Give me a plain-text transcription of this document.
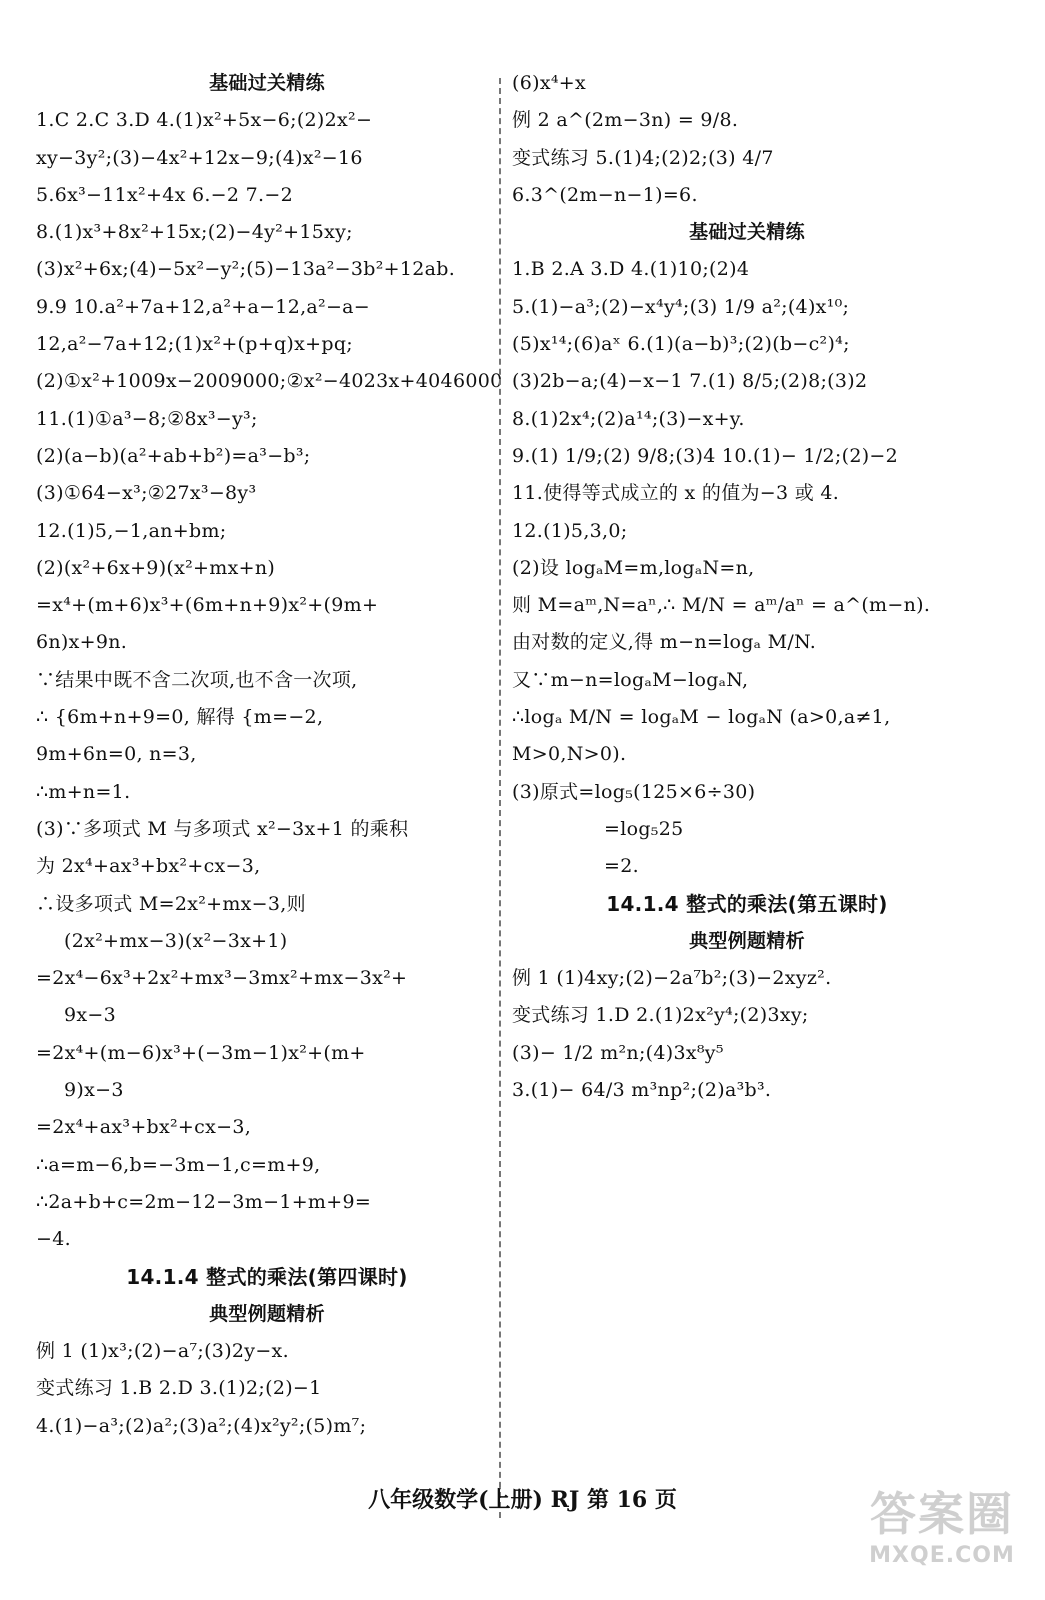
基础过关精练
1.C 2.C 3.D 4.(1)x²+5x−6;(2)2x²−
xy−3y²;(3)−4x²+12x−9;(4)x²−16
5.6x³−11x²+4x 6.−2 7.−2
8.(1)x³+8x²+15x;(2)−4y²+15xy;
(3)x²+6x;(4)−5x²−y²;(5)−13a²−3b²+12ab.
9.9 10.a²+7a+12,a²+a−12,a²−a−
12,a²−7a+12;(1)x²+(p+q)x+pq;
(2)①x²+1009x−2009000;②x²−4023x+4046000
11.(1)①a³−8;②8x³−y³;
(2)(a−b)(a²+ab+b²)=a³−b³;
(3)①64−x³;②27x³−8y³
12.(1)5,−1,an+bm;
(2)(x²+6x+9)(x²+mx+n)
=x⁴+(m+6)x³+(6m+n+9)x²+(9m+
6n)x+9n.
∵结果中既不含二次项,也不含一次项,
∴ {6m+n+9=0, 解得 {m=−2,
9m+6n=0, n=3,
∴m+n=1.
(3)∵多项式 M 与多项式 x²−3x+1 的乘积
为 2x⁴+ax³+bx²+cx−3,
∴设多项式 M=2x²+mx−3,则
(2x²+mx−3)(x²−3x+1)
=2x⁴−6x³+2x²+mx³−3mx²+mx−3x²+
9x−3
=2x⁴+(m−6)x³+(−3m−1)x²+(m+
9)x−3
=2x⁴+ax³+bx²+cx−3,
∴a=m−6,b=−3m−1,c=m+9,
∴2a+b+c=2m−12−3m−1+m+9=
−4.
14.1.4 整式的乘法(第四课时)
典型例题精析
例 1 (1)x³;(2)−a⁷;(3)2y−x.
变式练习 1.B 2.D 3.(1)2;(2)−1
4.(1)−a³;(2)a²;(3)a²;(4)x²y²;(5)m⁷;
(6)x⁴+x
例 2 a^(2m−3n) = 9/8.
变式练习 5.(1)4;(2)2;(3) 4/7
6.3^(2m−n−1)=6.
基础过关精练
1.B 2.A 3.D 4.(1)10;(2)4
5.(1)−a³;(2)−x⁴y⁴;(3) 1/9 a²;(4)x¹⁰;
(5)x¹⁴;(6)aˣ 6.(1)(a−b)³;(2)(b−c²)⁴;
(3)2b−a;(4)−x−1 7.(1) 8/5;(2)8;(3)2
8.(1)2x⁴;(2)a¹⁴;(3)−x+y.
9.(1) 1/9;(2) 9/8;(3)4 10.(1)− 1/2;(2)−2
11.使得等式成立的 x 的值为−3 或 4.
12.(1)5,3,0;
(2)设 logₐM=m,logₐN=n,
则 M=aᵐ,N=aⁿ,∴ M/N = aᵐ/aⁿ = a^(m−n).
由对数的定义,得 m−n=logₐ M/N.
又∵m−n=logₐM−logₐN,
∴logₐ M/N = logₐM − logₐN (a>0,a≠1,
M>0,N>0).
(3)原式=log₅(125×6÷30)
=log₅25
=2.
14.1.4 整式的乘法(第五课时)
典型例题精析
例 1 (1)4xy;(2)−2a⁷b²;(3)−2xyz².
变式练习 1.D 2.(1)2x²y⁴;(2)3xy;
(3)− 1/2 m²n;(4)3x⁸y⁵
3.(1)− 64/3 m³np²;(2)a³b³.
八年级数学(上册) RJ 第 16 页	答案圈
MXQE.COM
